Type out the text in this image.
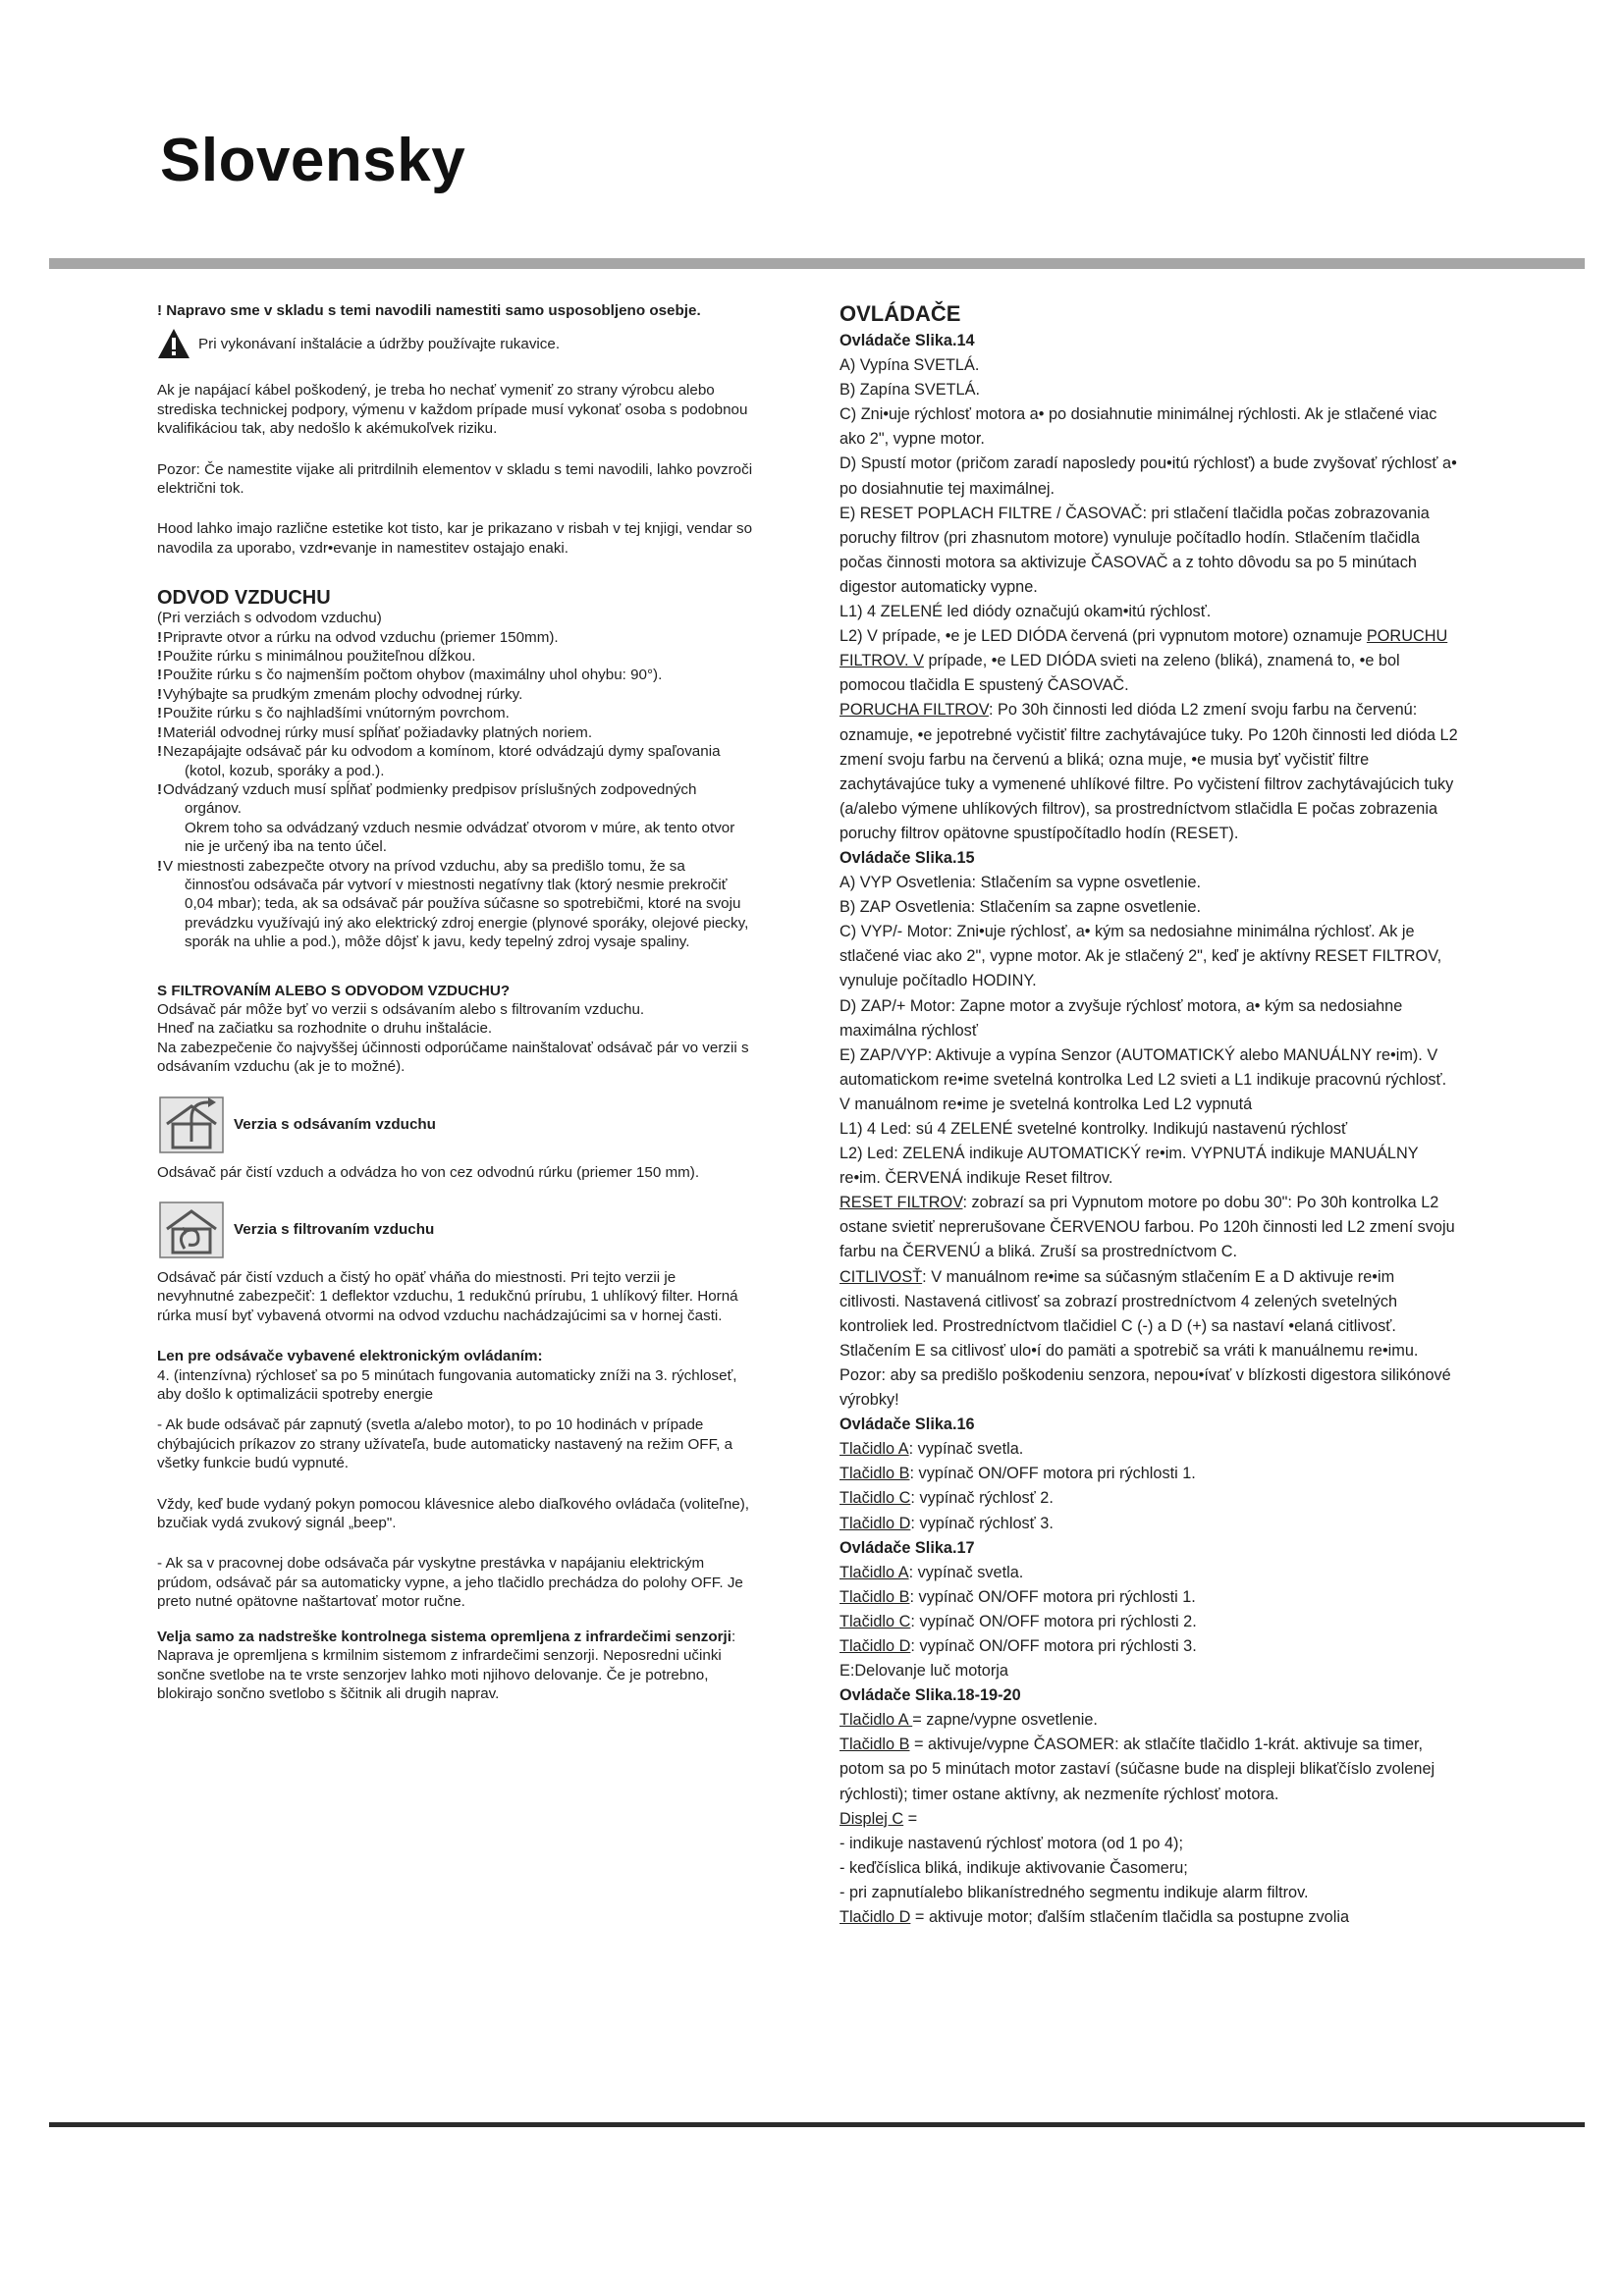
Slovensky

! Napravo sme v skladu s temi navodili namestiti samo usposobljeno osebje.

Pri vykonávaní inštalácie a údržby používajte rukavice.

Ak je napájací kábel poškodený, je treba ho nechať vymeniť zo strany výrobcu alebo strediska technickej podpory, výmenu v každom prípade musí vykonať osoba s podobnou kvalifikáciou tak, aby nedošlo k akémukoľvek riziku.

Pozor: Če namestite vijake ali pritrdilnih elementov v skladu s temi navodili, lahko povzroči električni tok.

Hood lahko imajo različne estetike kot tisto, kar je prikazano v risbah v tej knjigi, vendar so navodila za uporabo, vzdr•evanje in namestitev ostajajo enaki.

ODVOD VZDUCHU

(Pri verziách s odvodom vzduchu)

!Pripravte otvor a rúrku na odvod vzduchu (priemer 150mm).
!Použite rúrku s minimálnou použiteľnou dĺžkou.
!Použite rúrku s čo najmenším počtom ohybov (maximálny uhol ohybu: 90°).
!Vyhýbajte sa prudkým zmenám plochy odvodnej rúrky.
!Použite rúrku s čo najhladšími vnútorným povrchom.
!Materiál odvodnej rúrky musí spĺňať požiadavky platných noriem.
!Nezapájajte odsávač pár ku odvodom a komínom, ktoré odvádzajú dymy spaľovania (kotol, kozub, sporáky a pod.).
!Odvádzaný vzduch musí spĺňať podmienky predpisov príslušných zodpovedných orgánov.

Okrem toho sa odvádzaný vzduch nesmie odvádzať otvorom v múre, ak tento otvor nie je určený iba na tento účel.

!V miestnosti zabezpečte otvory na prívod vzduchu, aby sa predišlo tomu, že sa činnosťou odsávača pár vytvorí v miestnosti negatívny tlak (ktorý nesmie prekročiť 0,04 mbar); teda, ak sa odsávač pár používa súčasne so spotrebičmi, ktoré na svoju prevádzku využívajú iný ako elektrický zdroj energie (plynové sporáky, olejové piecky, sporák na uhlie a pod.), môže dôjsť k javu, kedy tepelný zdroj vysaje spaliny.

S FILTROVANÍM ALEBO S ODVODOM VZDUCHU?

Odsávač pár môže byť vo verzii s odsávaním alebo s filtrovaním vzduchu.

Hneď na začiatku sa rozhodnite o druhu inštalácie.

Na zabezpečenie čo najvyššej účinnosti odporúčame nainštalovať odsávač pár vo verzii s odsávaním vzduchu (ak je to možné).

Verzia s odsávaním vzduchu

Odsávač pár čistí vzduch a odvádza ho von cez odvodnú rúrku (priemer 150 mm).

Verzia s filtrovaním vzduchu

Odsávač pár čistí vzduch a čistý ho opäť vháňa do miestnosti. Pri tejto verzii je nevyhnutné zabezpečiť: 1 deflektor vzduchu, 1 redukčnú prírubu, 1 uhlíkový filter. Horná rúrka musí byť vybavená otvormi na odvod vzduchu nachádzajúcimi sa v hornej časti.

Len pre odsávače vybavené elektronickým ovládaním:

4. (intenzívna) rýchloseť sa po 5 minútach fungovania automaticky zníži na 3. rýchloseť, aby došlo k optimalizácii spotreby energie

- Ak bude odsávač pár zapnutý (svetla a/alebo motor), to po 10 hodinách v prípade chýbajúcich príkazov zo strany užívateľa, bude automaticky nastavený na režim OFF, a všetky funkcie budú vypnuté.

Vždy, keď bude vydaný pokyn pomocou klávesnice alebo diaľkového ovládača (voliteľne), bzučiak vydá zvukový signál „beep".

- Ak sa v pracovnej dobe odsávača pár vyskytne prestávka v napájaniu elektrickým prúdom, odsávač pár sa automaticky vypne, a jeho tlačidlo prechádza do polohy OFF. Je preto nutné opätovne naštartovať motor ručne.

Velja samo za nadstreške kontrolnega sistema opremljena z infrardečimi senzorji: Naprava je opremljena s krmilnim sistemom z infrardečimi senzorji. Neposredni učinki sončne svetlobe na te vrste senzorjev lahko moti njihovo delovanje. Če je potrebno, blokirajo sončno svetlobo s ščitnik ali drugih naprav.

OVLÁDAČE

Ovládače Slika.14

A) Vypína SVETLÁ.

B) Zapína SVETLÁ.

C) Zni•uje rýchlosť motora a• po dosiahnutie minimálnej rýchlosti. Ak je stlačené viac ako 2", vypne motor.

D) Spustí motor (pričom zaradí naposledy pou•itú rýchlosť) a bude zvyšovať rýchlosť a• po dosiahnutie tej maximálnej.

E) RESET POPLACH FILTRE / ČASOVAČ: pri stlačení tlačidla počas zobrazovania poruchy filtrov (pri zhasnutom motore) vynuluje počítadlo hodín. Stlačením tlačidla počas činnosti motora sa aktivizuje ČASOVAČ a z tohto dôvodu sa po 5 minútach digestor automaticky vypne.

L1) 4 ZELENÉ led diódy označujú okam•itú rýchlosť.

L2) V prípade, •e je LED DIÓDA červená (pri vypnutom motore) oznamuje PORUCHU FILTROV. V prípade, •e LED DIÓDA svieti na zeleno (bliká), znamená to, •e bol pomocou tlačidla E spustený ČASOVAČ.

PORUCHA FILTROV: Po 30h činnosti led dióda L2 zmení svoju farbu na červenú: oznamuje, •e jepotrebné vyčistiť filtre zachytávajúce tuky. Po 120h činnosti led dióda L2 zmení svoju farbu na červenú a bliká; ozna muje, •e musia byť vyčistiť filtre zachytávajúce tuky a vymenené uhlíkové filtre. Po vyčistení filtrov zachytávajúcich tuky (a/alebo výmene uhlíkových filtrov), sa prostredníctvom stlačidla E počas zobrazenia poruchy filtrov opätovne spustípočítadlo hodín (RESET).

Ovládače Slika.15

A) VYP Osvetlenia: Stlačením sa vypne osvetlenie.

B) ZAP Osvetlenia: Stlačením sa zapne osvetlenie.

C) VYP/- Motor: Zni•uje rýchlosť, a• kým sa nedosiahne minimálna rýchlosť. Ak je stlačené viac ako 2", vypne motor. Ak je stlačený 2", keď je aktívny RESET FILTROV, vynuluje počítadlo HODINY.

D) ZAP/+ Motor: Zapne motor a zvyšuje rýchlosť motora, a• kým sa nedosiahne maximálna rýchlosť

E) ZAP/VYP: Aktivuje a vypína Senzor (AUTOMATICKÝ alebo MANUÁLNY re•im). V automatickom re•ime svetelná kontrolka Led L2 svieti a L1 indikuje pracovnú rýchlosť. V manuálnom re•ime je svetelná kontrolka Led L2 vypnutá

L1) 4 Led: sú 4 ZELENÉ svetelné kontrolky. Indikujú nastavenú rýchlosť

L2) Led: ZELENÁ indikuje AUTOMATICKÝ re•im. VYPNUTÁ indikuje MANUÁLNY re•im. ČERVENÁ indikuje Reset filtrov.

RESET FILTROV: zobrazí sa pri Vypnutom motore po dobu 30": Po 30h kontrolka L2 ostane svietiť neprerušovane ČERVENOU farbou. Po 120h činnosti led L2 zmení svoju farbu na ČERVENÚ a bliká. Zruší sa prostredníctvom C.

CITLIVOSŤ: V manuálnom re•ime sa súčasným stlačením E a D aktivuje re•im citlivosti. Nastavená citlivosť sa zobrazí prostredníctvom 4 zelených svetelných kontroliek led. Prostredníctvom tlačidiel C (-) a D (+) sa nastaví •elaná citlivosť. Stlačením E sa citlivosť ulo•í do pamäti a spotrebič sa vráti k manuálnemu re•imu.

Pozor: aby sa predišlo poškodeniu senzora, nepou•ívať v blízkosti digestora silikónové výrobky!

Ovládače Slika.16

Tlačidlo A: vypínač svetla.

Tlačidlo B: vypínač ON/OFF motora pri rýchlosti 1.

Tlačidlo C: vypínač rýchlosť 2.

Tlačidlo D: vypínač rýchlosť 3.

Ovládače Slika.17

Tlačidlo A: vypínač svetla.

Tlačidlo B: vypínač ON/OFF motora pri rýchlosti 1.

Tlačidlo C: vypínač ON/OFF motora pri rýchlosti 2.

Tlačidlo D: vypínač ON/OFF motora pri rýchlosti 3.

E:Delovanje luč motorja

Ovládače Slika.18-19-20

Tlačidlo A = zapne/vypne osvetlenie.

Tlačidlo B = aktivuje/vypne ČASOMER: ak stlačíte tlačidlo 1-krát. aktivuje sa timer, potom sa po 5 minútach motor zastaví (súčasne bude na displeji blikaťčíslo zvolenej rýchlosti); timer ostane aktívny, ak nezmeníte rýchlosť motora.

Displej C =

- indikuje nastavenú rýchlosť motora (od 1 po 4);

- keďčíslica bliká, indikuje aktivovanie Časomeru;

- pri zapnutíalebo blikanístredného segmentu indikuje alarm filtrov.

Tlačidlo D = aktivuje motor; ďalším stlačením tlačidla sa postupne zvolia
